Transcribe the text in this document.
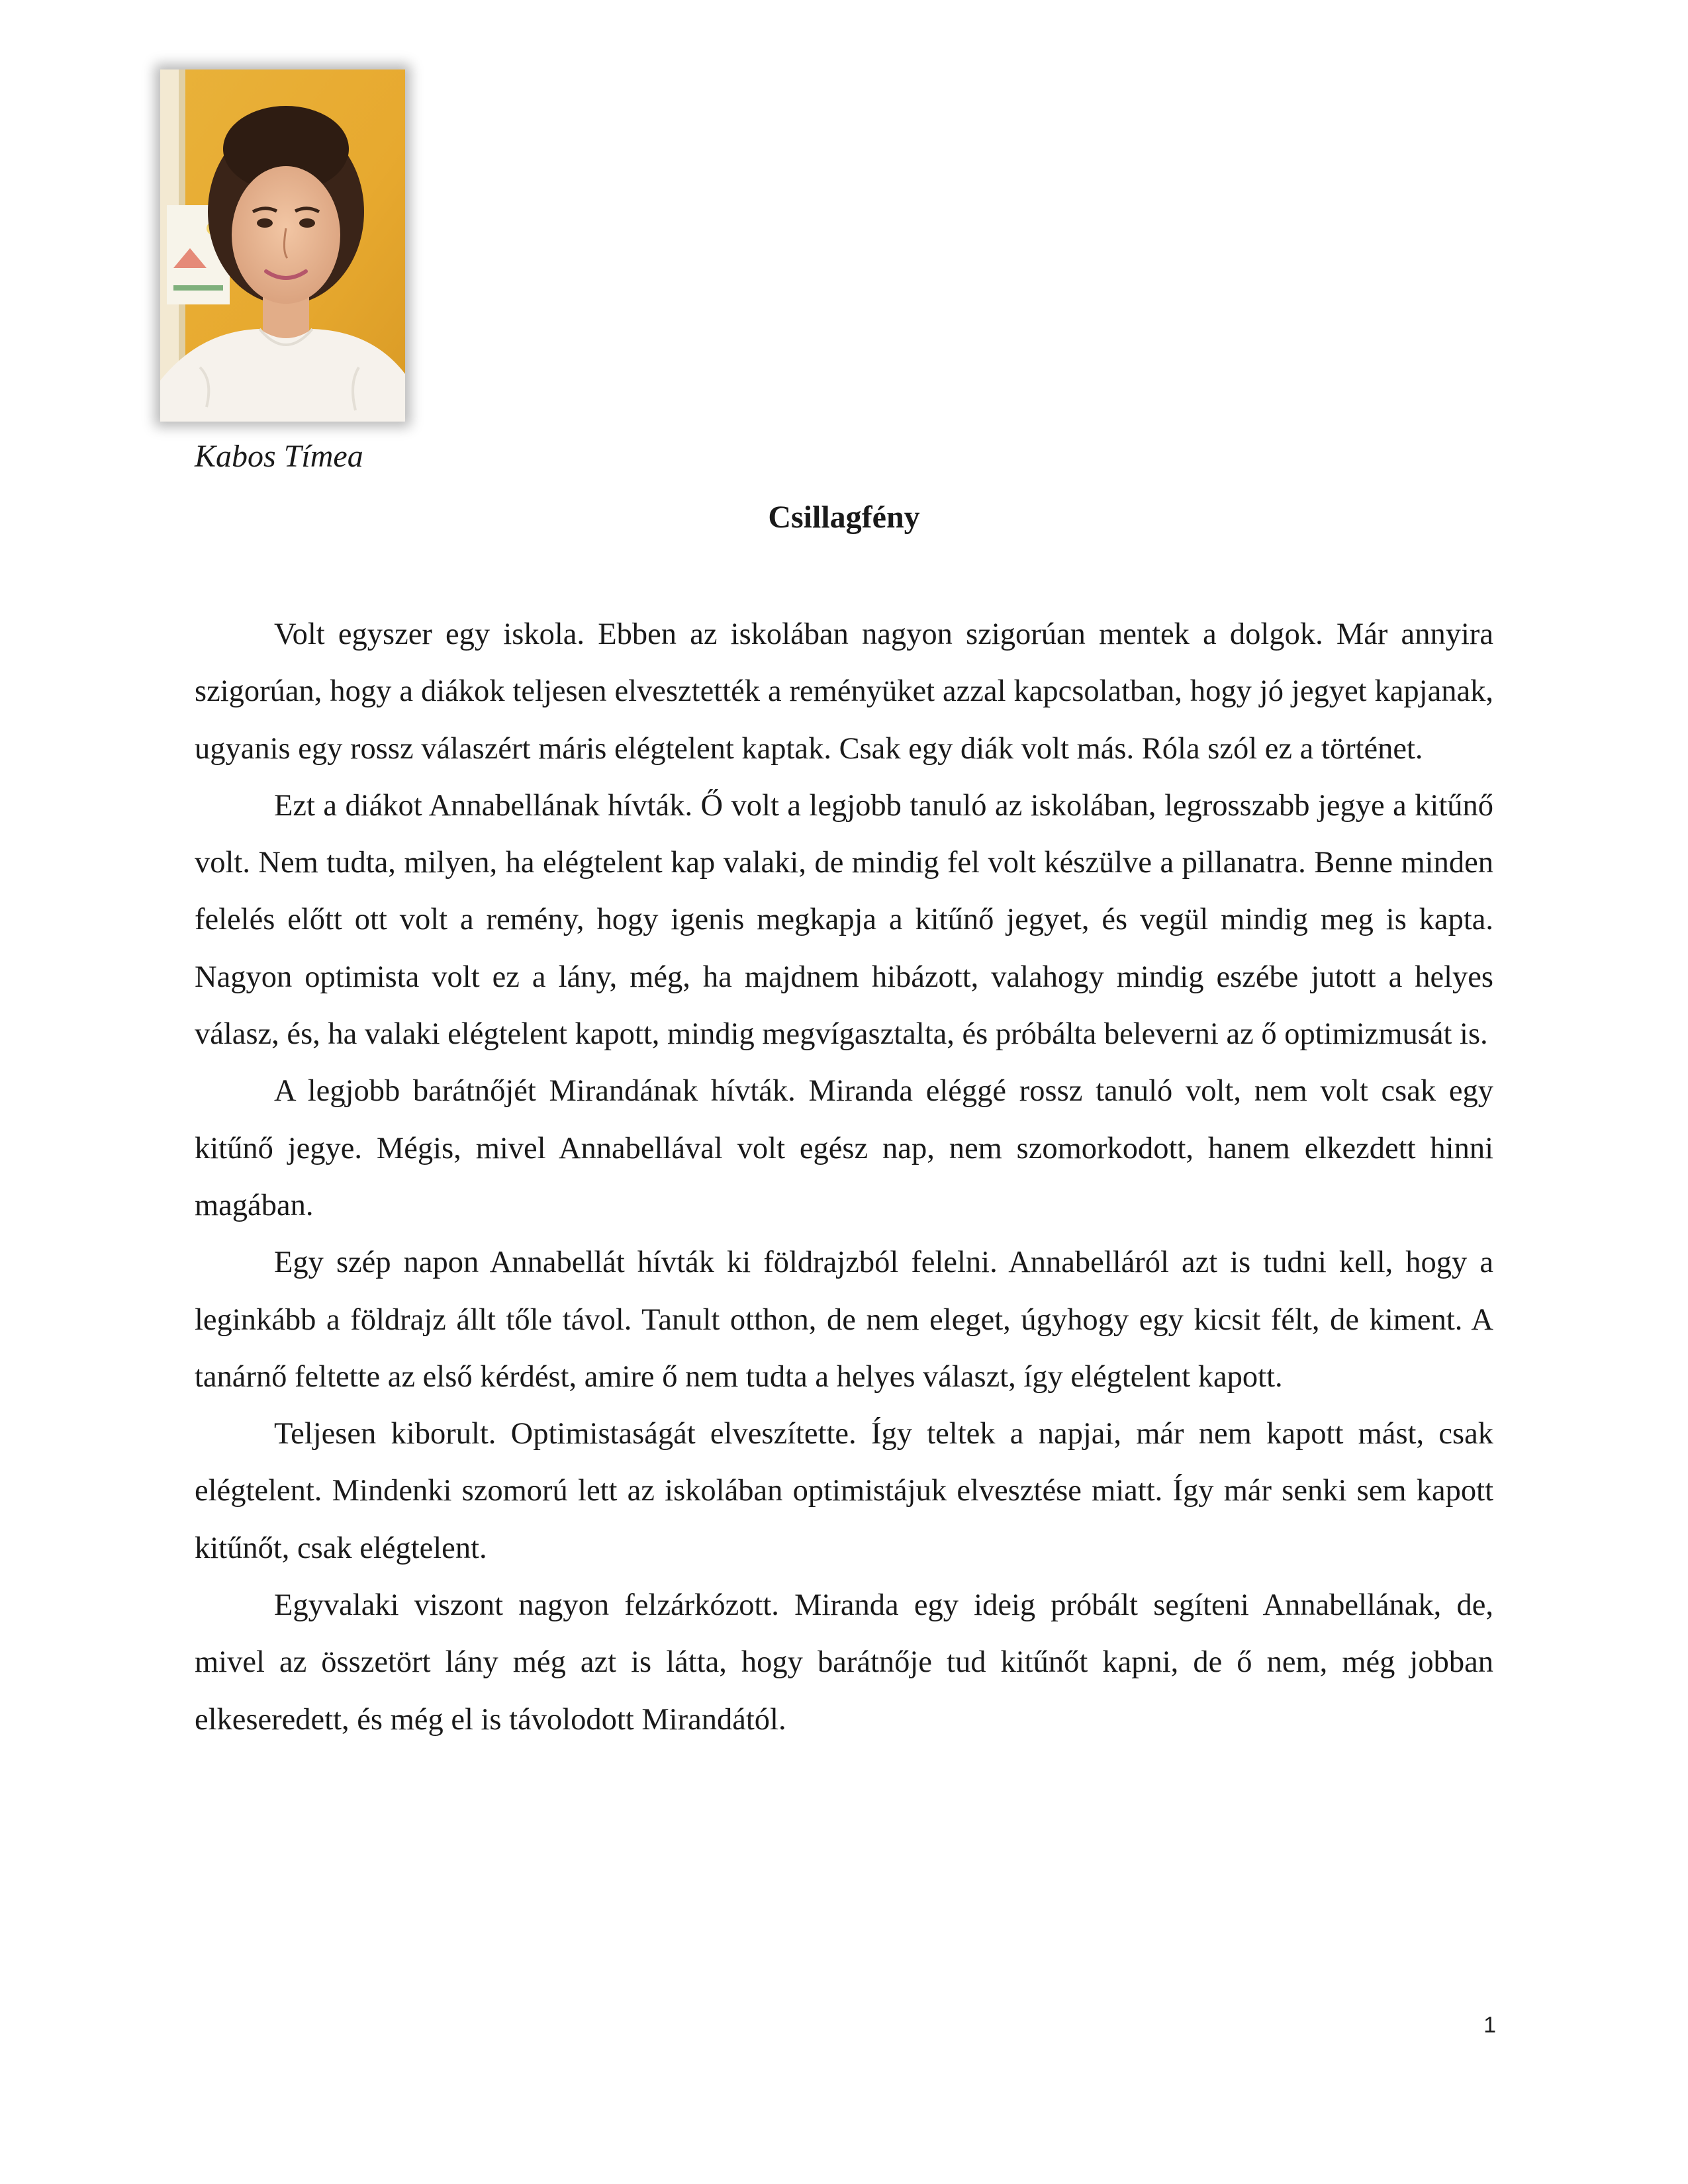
Kabos Tímea

Csillagfény

Volt egyszer egy iskola. Ebben az iskolában nagyon szigorúan mentek a dolgok. Már annyira szigorúan, hogy a diákok teljesen elvesztették a reményüket azzal kapcsolatban, hogy jó jegyet kapjanak, ugyanis egy rossz válaszért máris elégtelent kaptak. Csak egy diák volt más. Róla szól ez a történet.

Ezt a diákot Annabellának hívták. Ő volt a legjobb tanuló az iskolában, legrosszabb jegye a kitűnő volt. Nem tudta, milyen, ha elégtelent kap valaki, de mindig fel volt készülve a pillanatra. Benne minden felelés előtt ott volt a remény, hogy igenis megkapja a kitűnő jegyet, és vegül mindig meg is kapta. Nagyon optimista volt ez a lány, még, ha majdnem hibázott, valahogy mindig eszébe jutott a helyes válasz, és, ha valaki elégtelent kapott, mindig megvígasztalta, és próbálta beleverni az ő optimizmusát is.

A legjobb barátnőjét Mirandának hívták. Miranda eléggé rossz tanuló volt, nem volt csak egy kitűnő jegye. Mégis, mivel Annabellával volt egész nap, nem szomorkodott, hanem elkezdett hinni magában.

Egy szép napon Annabellát hívták ki földrajzból felelni. Annabelláról azt is tudni kell, hogy a leginkább a földrajz állt tőle távol. Tanult otthon, de nem eleget, úgyhogy egy kicsit félt, de kiment. A tanárnő feltette az első kérdést, amire ő nem tudta a helyes választ, így elégtelent kapott.

Teljesen kiborult. Optimistaságát elveszítette. Így teltek a napjai, már nem kapott mást, csak elégtelent. Mindenki szomorú lett az iskolában optimistájuk elvesztése miatt. Így már senki sem kapott kitűnőt, csak elégtelent.

Egyvalaki viszont nagyon felzárkózott. Miranda egy ideig próbált segíteni Annabellának, de, mivel az összetört lány még azt is látta, hogy barátnője tud kitűnőt kapni, de ő nem, még jobban elkeseredett, és még el is távolodott Mirandától.

1
